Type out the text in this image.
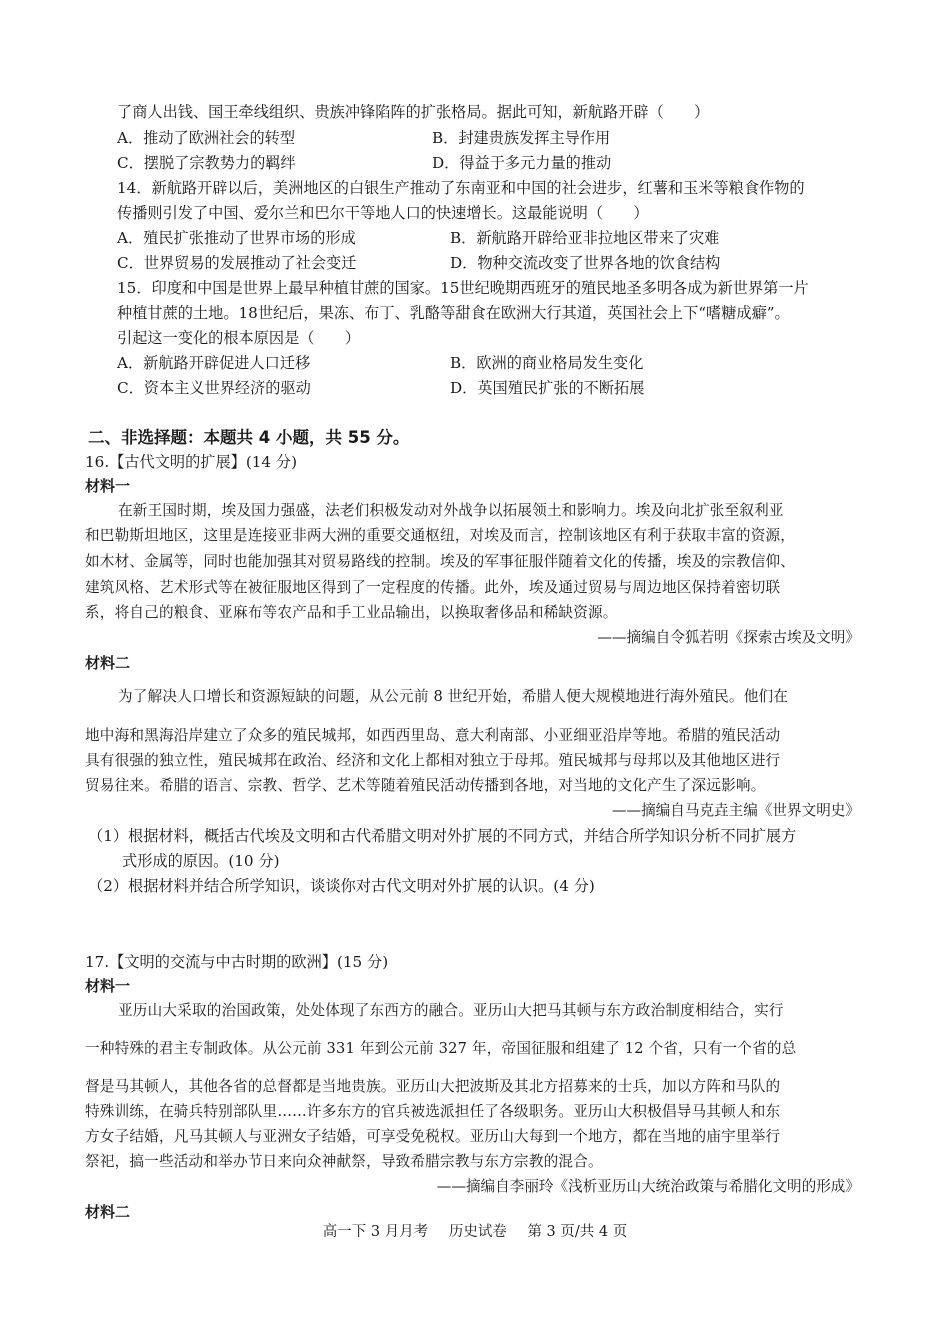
了商人出钱、国王牵线组织、贵族冲锋陷阵的扩张格局。据此可知，新航路开辟（　　）
A．推动了欧洲社会的转型	B．封建贵族发挥主导作用
C．摆脱了宗教势力的羁绊	D．得益于多元力量的推动
14．新航路开辟以后，美洲地区的白银生产推动了东南亚和中国的社会进步，红薯和玉米等粮食作物的
传播则引发了中国、爱尔兰和巴尔干等地人口的快速增长。这最能说明（　　）
A．殖民扩张推动了世界市场的形成	B．新航路开辟给亚非拉地区带来了灾难
C．世界贸易的发展推动了社会变迁	D．物种交流改变了世界各地的饮食结构
15．印度和中国是世界上最早种植甘蔗的国家。15世纪晚期西班牙的殖民地圣多明各成为新世界第一片
种植甘蔗的土地。18世纪后，果冻、布丁、乳酪等甜食在欧洲大行其道，英国社会上下“嗜糖成癖”。
引起这一变化的根本原因是（　　）
A．新航路开辟促进人口迁移	B．欧洲的商业格局发生变化
C．资本主义世界经济的驱动	D．英国殖民扩张的不断拓展
二、非选择题：本题共 4 小题，共 55 分。
16.【古代文明的扩展】(14 分)
材料一
在新王国时期，埃及国力强盛，法老们积极发动对外战争以拓展领土和影响力。埃及向北扩张至叙利亚
和巴勒斯坦地区，这里是连接亚非两大洲的重要交通枢纽，对埃及而言，控制该地区有利于获取丰富的资源，
如木材、金属等，同时也能加强其对贸易路线的控制。埃及的军事征服伴随着文化的传播，埃及的宗教信仰、
建筑风格、艺术形式等在被征服地区得到了一定程度的传播。此外，埃及通过贸易与周边地区保持着密切联
系，将自己的粮食、亚麻布等农产品和手工业品输出，以换取奢侈品和稀缺资源。
——摘编自令狐若明《探索古埃及文明》
材料二
为了解决人口增长和资源短缺的问题，从公元前 8 世纪开始，希腊人便大规模地进行海外殖民。他们在
地中海和黑海沿岸建立了众多的殖民城邦，如西西里岛、意大利南部、小亚细亚沿岸等地。希腊的殖民活动
具有很强的独立性，殖民城邦在政治、经济和文化上都相对独立于母邦。殖民城邦与母邦以及其他地区进行
贸易往来。希腊的语言、宗教、哲学、艺术等随着殖民活动传播到各地，对当地的文化产生了深远影响。
——摘编自马克垚主编《世界文明史》
（1）根据材料，概括古代埃及文明和古代希腊文明对外扩展的不同方式，并结合所学知识分析不同扩展方
式形成的原因。(10 分)
（2）根据材料并结合所学知识，谈谈你对古代文明对外扩展的认识。(4 分)
17.【文明的交流与中古时期的欧洲】(15 分)
材料一
亚历山大采取的治国政策，处处体现了东西方的融合。亚历山大把马其顿与东方政治制度相结合，实行
一种特殊的君主专制政体。从公元前 331 年到公元前 327 年，帝国征服和组建了 12 个省，只有一个省的总
督是马其顿人，其他各省的总督都是当地贵族。亚历山大把波斯及其北方招募来的士兵，加以方阵和马队的
特殊训练，在骑兵特别部队里……许多东方的官兵被选派担任了各级职务。亚历山大积极倡导马其顿人和东
方女子结婚，凡马其顿人与亚洲女子结婚，可享受免税权。亚历山大每到一个地方，都在当地的庙宇里举行
祭祀，搞一些活动和举办节日来向众神献祭，导致希腊宗教与东方宗教的混合。
——摘编自李丽玲《浅析亚历山大统治政策与希腊化文明的形成》
材料二
高一下 3 月月考 历史试卷 第 3 页/共 4 页
